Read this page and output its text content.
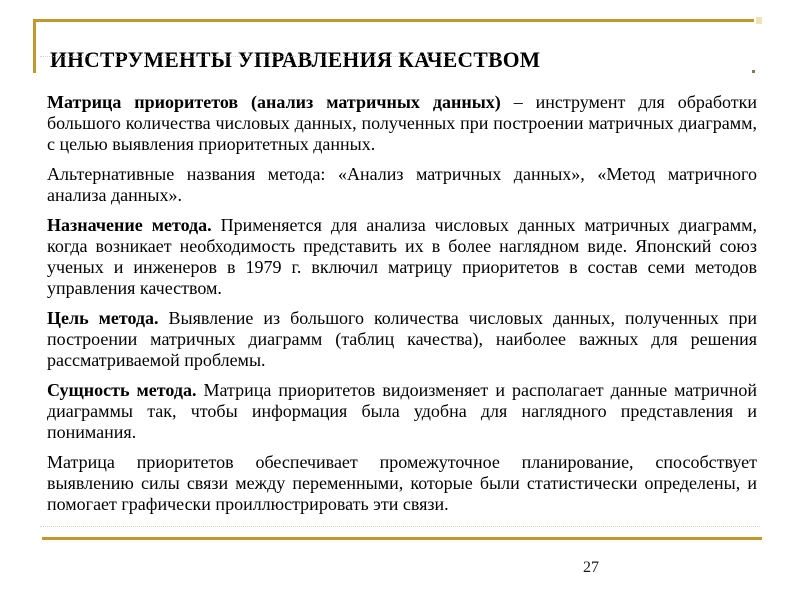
ИНСТРУМЕНТЫ УПРАВЛЕНИЯ КАЧЕСТВОМ

Матрица приоритетов (анализ матричных данных) – инструмент для обработки большого количества числовых данных, полученных при построении матричных диаграмм, с целью выявления приоритетных данных.

Альтернативные названия метода: «Анализ матричных данных», «Метод матричного анализа данных».

Назначение метода. Применяется для анализа числовых данных матричных диаграмм, когда возникает необходимость представить их в более наглядном виде. Японский союз ученых и инженеров в 1979 г. включил матрицу приоритетов в состав семи методов управления качеством.

Цель метода. Выявление из большого количества числовых данных, полученных при построении матричных диаграмм (таблиц качества), наиболее важных для решения рассматриваемой проблемы.

Сущность метода. Матрица приоритетов видоизменяет и располагает данные матричной диаграммы так, чтобы информация была удобна для наглядного представления и понимания.

Матрица приоритетов обеспечивает промежуточное планирование, способствует выявлению силы связи между переменными, которые были статистически определены, и помогает графически проиллюстрировать эти связи.

27
